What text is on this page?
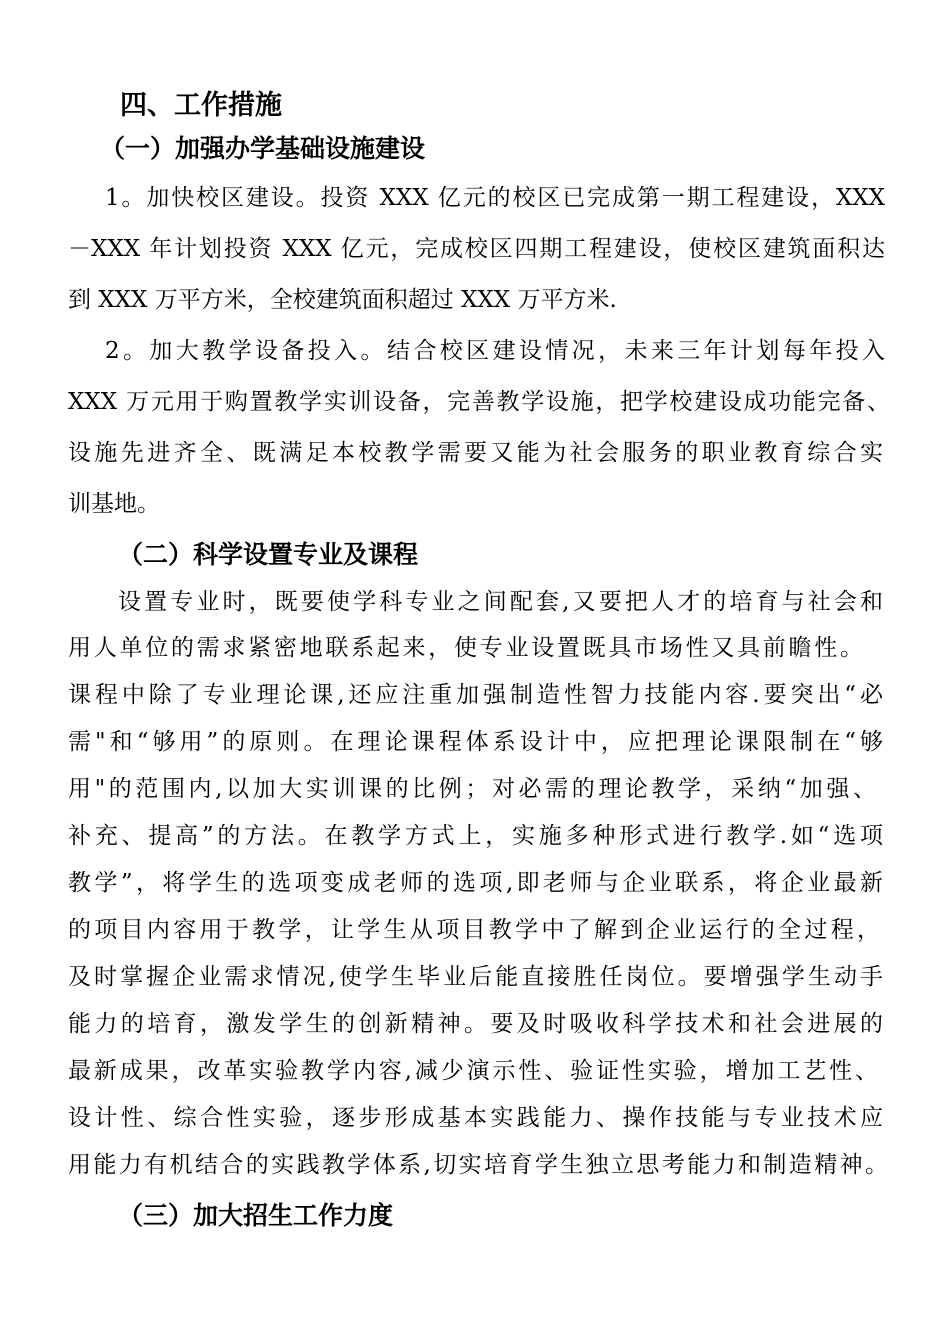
四、工作措施
（一）加强办学基础设施建设
1。加快校区建设。投资 XXX 亿元的校区已完成第一期工程建设，XXX
－XXX 年计划投资 XXX 亿元，完成校区四期工程建设，使校区建筑面积达
到 XXX 万平方米，全校建筑面积超过 XXX 万平方米.
2。加大教学设备投入。结合校区建设情况，未来三年计划每年投入
XXX 万元用于购置教学实训设备，完善教学设施，把学校建设成功能完备、
设施先进齐全、既满足本校教学需要又能为社会服务的职业教育综合实
训基地。
（二）科学设置专业及课程
设置专业时，既要使学科专业之间配套,又要把人才的培育与社会和
用人单位的需求紧密地联系起来，使专业设置既具市场性又具前瞻性。
课程中除了专业理论课,还应注重加强制造性智力技能内容.要突出“必
需"和“够用”的原则。在理论课程体系设计中，应把理论课限制在“够
用"的范围内,以加大实训课的比例；对必需的理论教学，采纳“加强、
补充、提高”的方法。在教学方式上，实施多种形式进行教学.如“选项
教学”，将学生的选项变成老师的选项,即老师与企业联系，将企业最新
的项目内容用于教学，让学生从项目教学中了解到企业运行的全过程，
及时掌握企业需求情况,使学生毕业后能直接胜任岗位。要增强学生动手
能力的培育，激发学生的创新精神。要及时吸收科学技术和社会进展的
最新成果，改革实验教学内容,减少演示性、验证性实验，增加工艺性、
设计性、综合性实验，逐步形成基本实践能力、操作技能与专业技术应
用能力有机结合的实践教学体系,切实培育学生独立思考能力和制造精神。
（三）加大招生工作力度
